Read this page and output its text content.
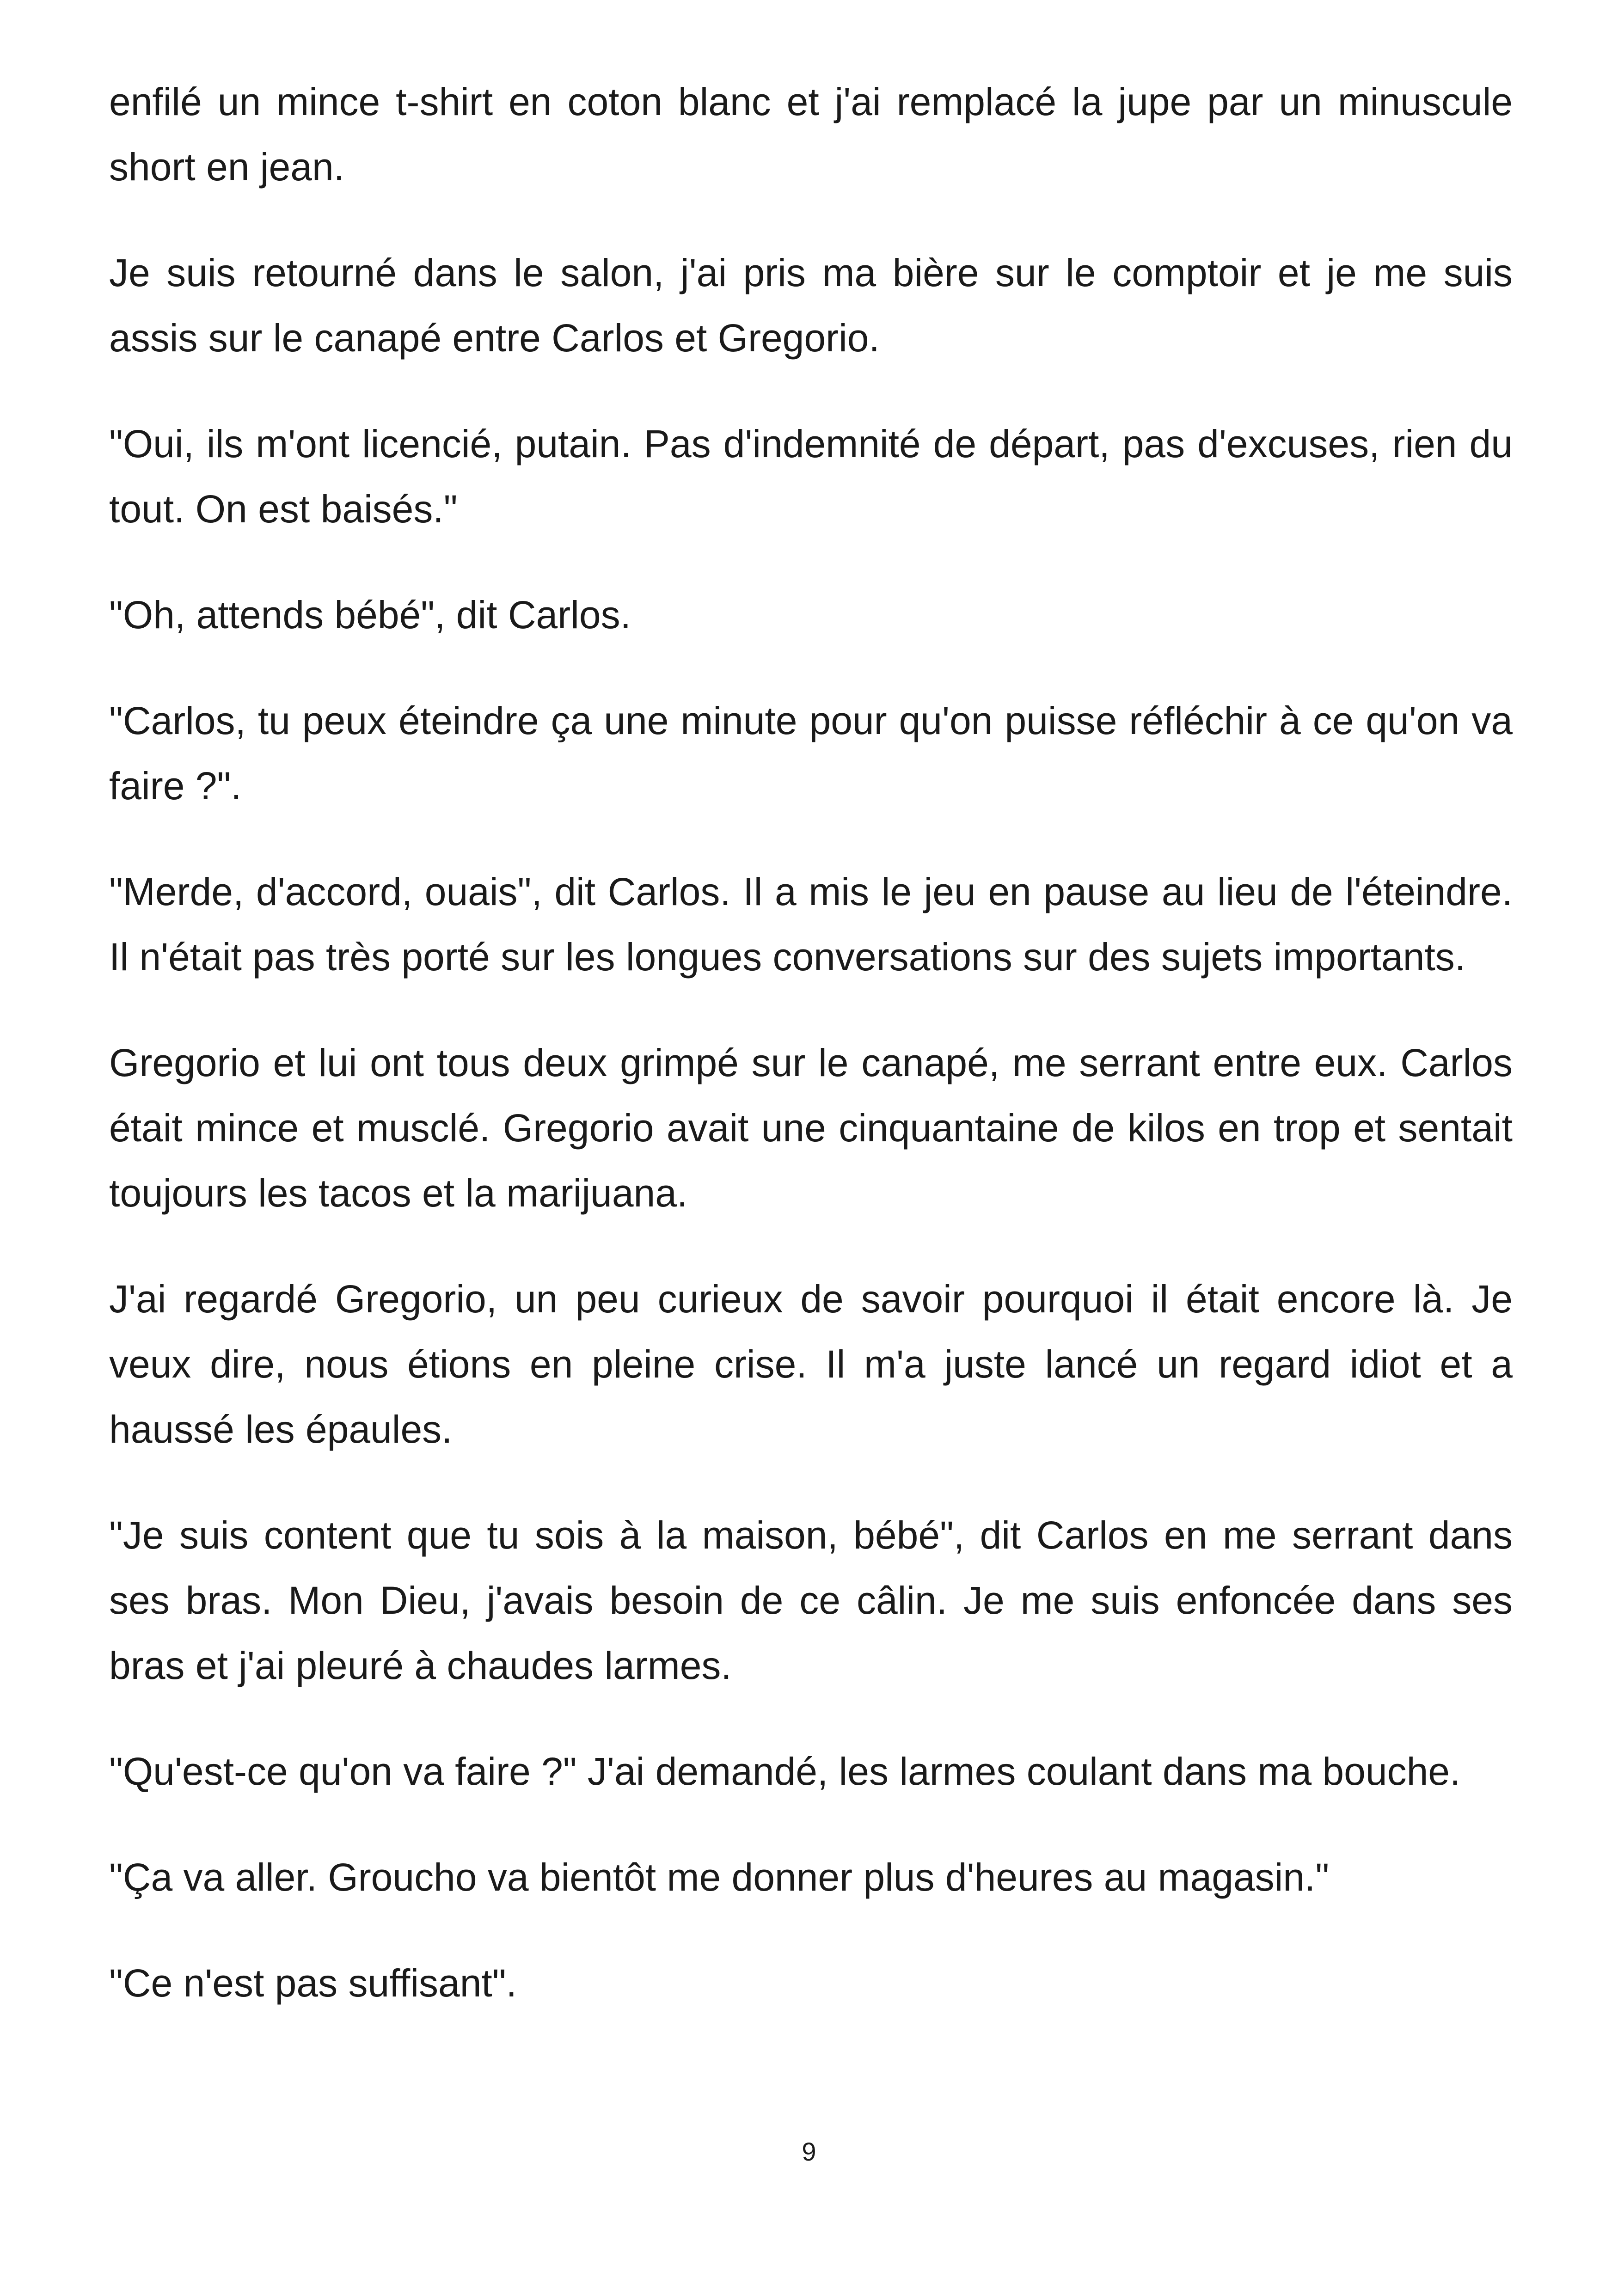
enfilé un mince t-shirt en coton blanc et j'ai remplacé la jupe par un minuscule short en jean.

Je suis retourné dans le salon, j'ai pris ma bière sur le comptoir et je me suis assis sur le canapé entre Carlos et Gregorio.

"Oui, ils m'ont licencié, putain. Pas d'indemnité de départ, pas d'excuses, rien du tout. On est baisés."

"Oh, attends bébé", dit Carlos.

"Carlos, tu peux éteindre ça une minute pour qu'on puisse réfléchir à ce qu'on va faire ?".

"Merde, d'accord, ouais", dit Carlos. Il a mis le jeu en pause au lieu de l'éteindre. Il n'était pas très porté sur les longues conversations sur des sujets importants.

Gregorio et lui ont tous deux grimpé sur le canapé, me serrant entre eux. Carlos était mince et musclé. Gregorio avait une cinquantaine de kilos en trop et sentait toujours les tacos et la marijuana.

J'ai regardé Gregorio, un peu curieux de savoir pourquoi il était encore là. Je veux dire, nous étions en pleine crise. Il m'a juste lancé un regard idiot et a haussé les épaules.

"Je suis content que tu sois à la maison, bébé", dit Carlos en me serrant dans ses bras. Mon Dieu, j'avais besoin de ce câlin. Je me suis enfoncée dans ses bras et j'ai pleuré à chaudes larmes.

"Qu'est-ce qu'on va faire ?" J'ai demandé, les larmes coulant dans ma bouche.

"Ça va aller. Groucho va bientôt me donner plus d'heures au magasin."

"Ce n'est pas suffisant".

9
